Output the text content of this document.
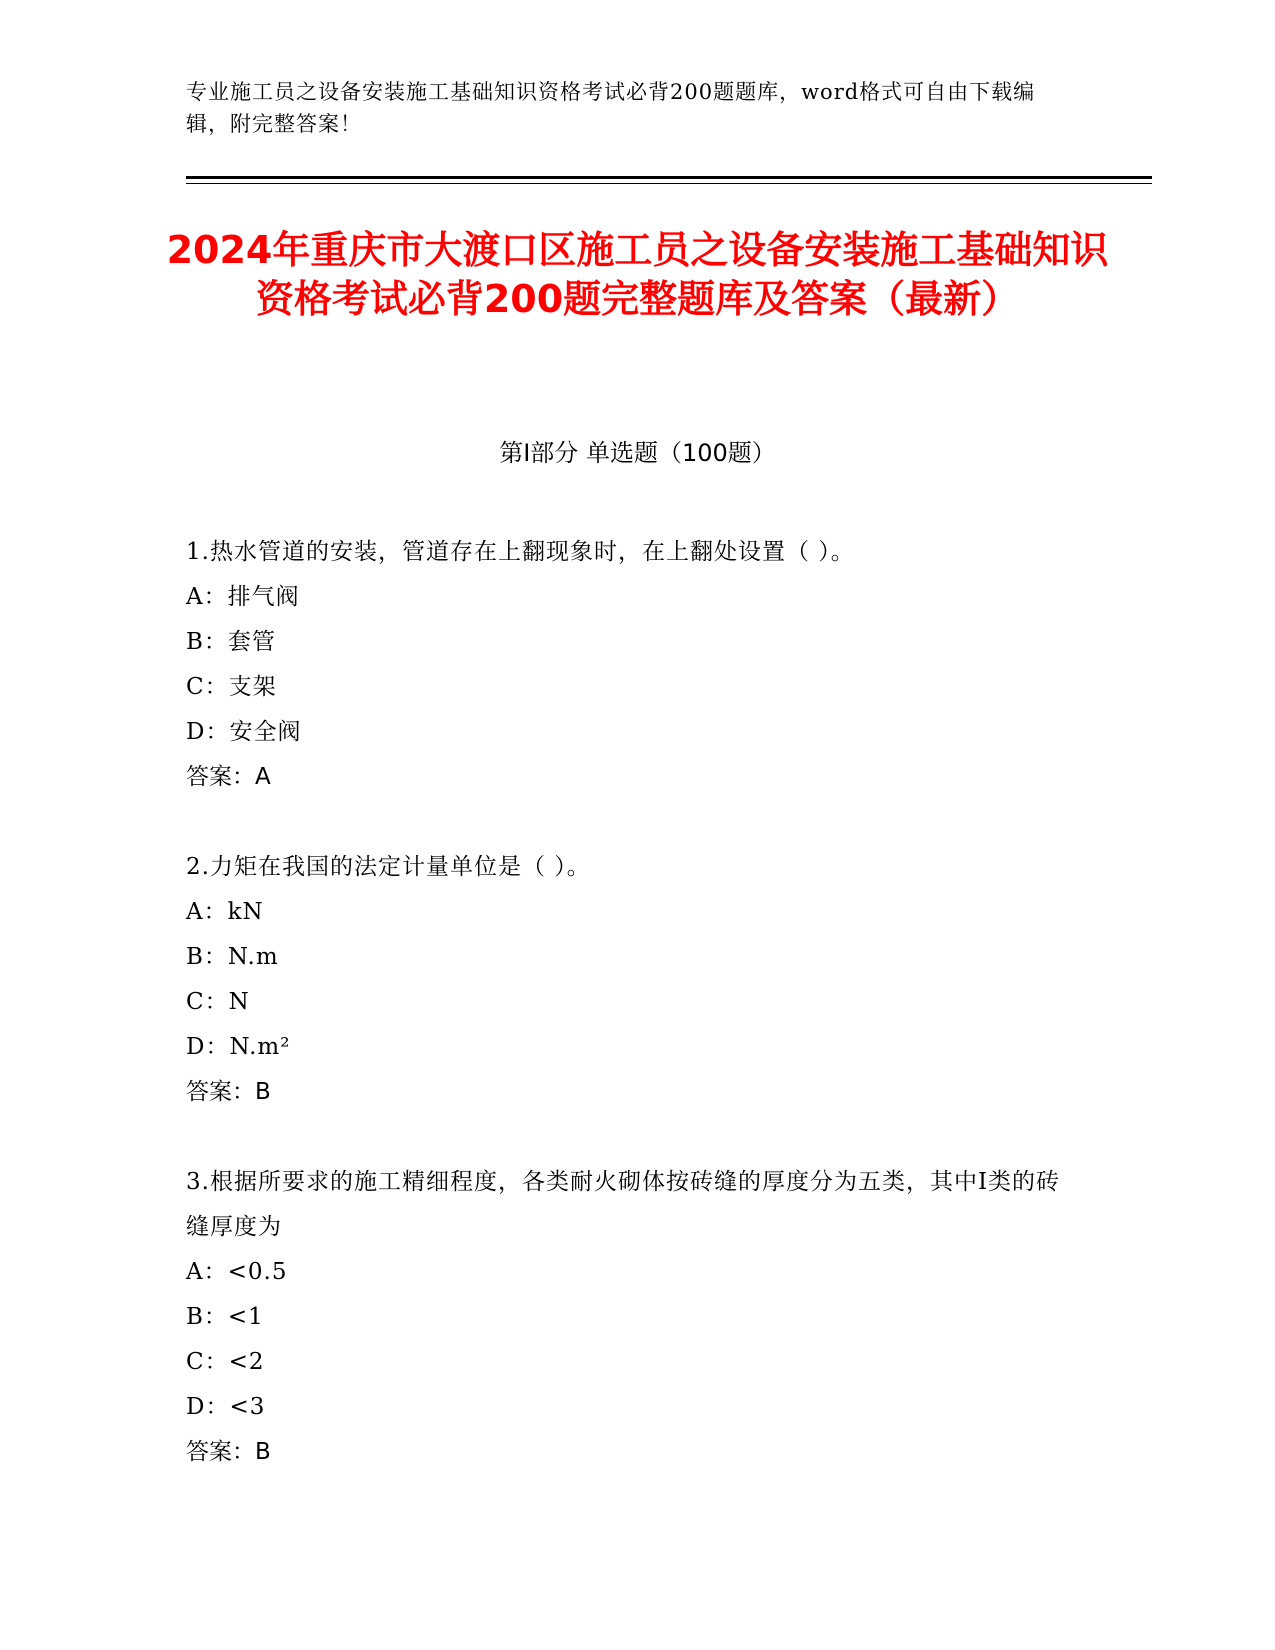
专业施工员之设备安装施工基础知识资格考试必背200题题库，word格式可自由下载编辑，附完整答案！
2024年重庆市大渡口区施工员之设备安装施工基础知识资格考试必背200题完整题库及答案（最新）
第Ⅰ部分 单选题（100题）
1.热水管道的安装，管道存在上翻现象时，在上翻处设置（ ）。
A：排气阀
B：套管
C：支架
D：安全阀
答案：A
2.力矩在我国的法定计量单位是（ ）。
A：kN
B：N.m
C：N
D：N.m²
答案：B
3.根据所要求的施工精细程度，各类耐火砌体按砖缝的厚度分为五类，其中Ⅰ类的砖缝厚度为
A：<0.5
B：<1
C：<2
D：<3
答案：B
